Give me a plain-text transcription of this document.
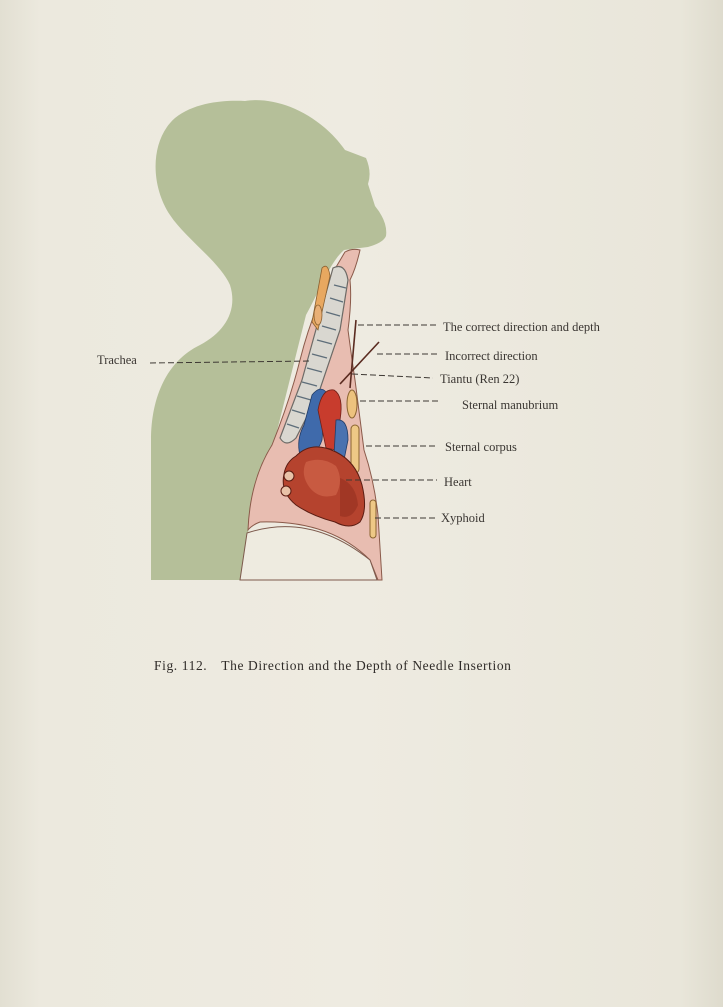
The correct direction and depth
Incorrect direction
Tiantu (Ren 22)
Sternal manubrium
Trachea
Sternal corpus
Heart
Xyphoid
Fig. 112. The Direction and the Depth of Needle Insertion
